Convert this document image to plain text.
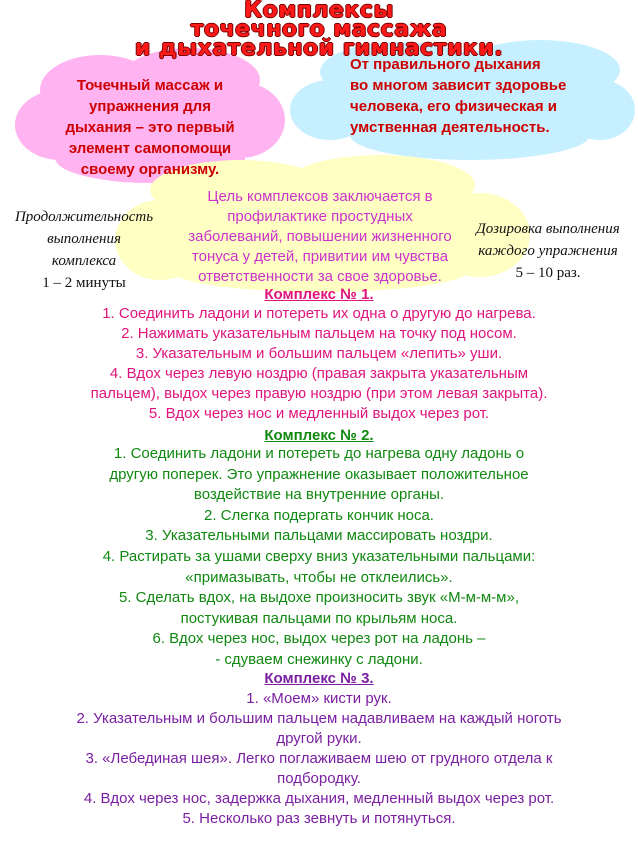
Комплексы
точечного массажа
и дыхательной гимнастики.
Точечный массаж и
упражнения для
дыхания – это первый
элемент самопомощи
своему организму.
От правильного дыхания
во многом зависит здоровье
человека, его физическая и
умственная деятельность.
Цель комплексов заключается в
профилактике простудных
заболеваний, повышении жизненного
тонуса у детей, привитии им чувства
ответственности за свое здоровье.
Продолжительность
выполнения
комплекса
1 – 2 минуты
Дозировка выполнения
каждого упражнения
5 – 10 раз.
Комплекс № 1.
1. Соединить ладони и потереть их одна о другую до нагрева.
2. Нажимать указательным пальцем на точку под носом.
3. Указательным и большим пальцем «лепить» уши.
4. Вдох через левую ноздрю (правая закрыта указательным
пальцем), выдох через правую ноздрю (при этом левая закрыта).
5. Вдох через нос и медленный выдох через рот.
Комплекс № 2.
1. Соединить ладони и потереть до нагрева одну ладонь о
другую поперек. Это упражнение оказывает положительное
воздействие на внутренние органы.
2. Слегка подергать кончик носа.
3. Указательными пальцами массировать ноздри.
4. Растирать за ушами сверху вниз указательными пальцами:
«примазывать, чтобы не отклеились».
5. Сделать вдох, на выдохе произносить звук «М-м-м-м»,
постукивая пальцами по крыльям носа.
6. Вдох через нос, выдох через рот на ладонь –
- сдуваем снежинку с ладони.
Комплекс № 3.
1. «Моем» кисти рук.
2. Указательным и большим пальцем надавливаем на каждый ноготь
другой руки.
3. «Лебединая шея». Легко поглаживаем шею от грудного отдела к
подбородку.
4. Вдох через нос, задержка дыхания, медленный выдох через рот.
5. Несколько раз зевнуть и потянуться.
